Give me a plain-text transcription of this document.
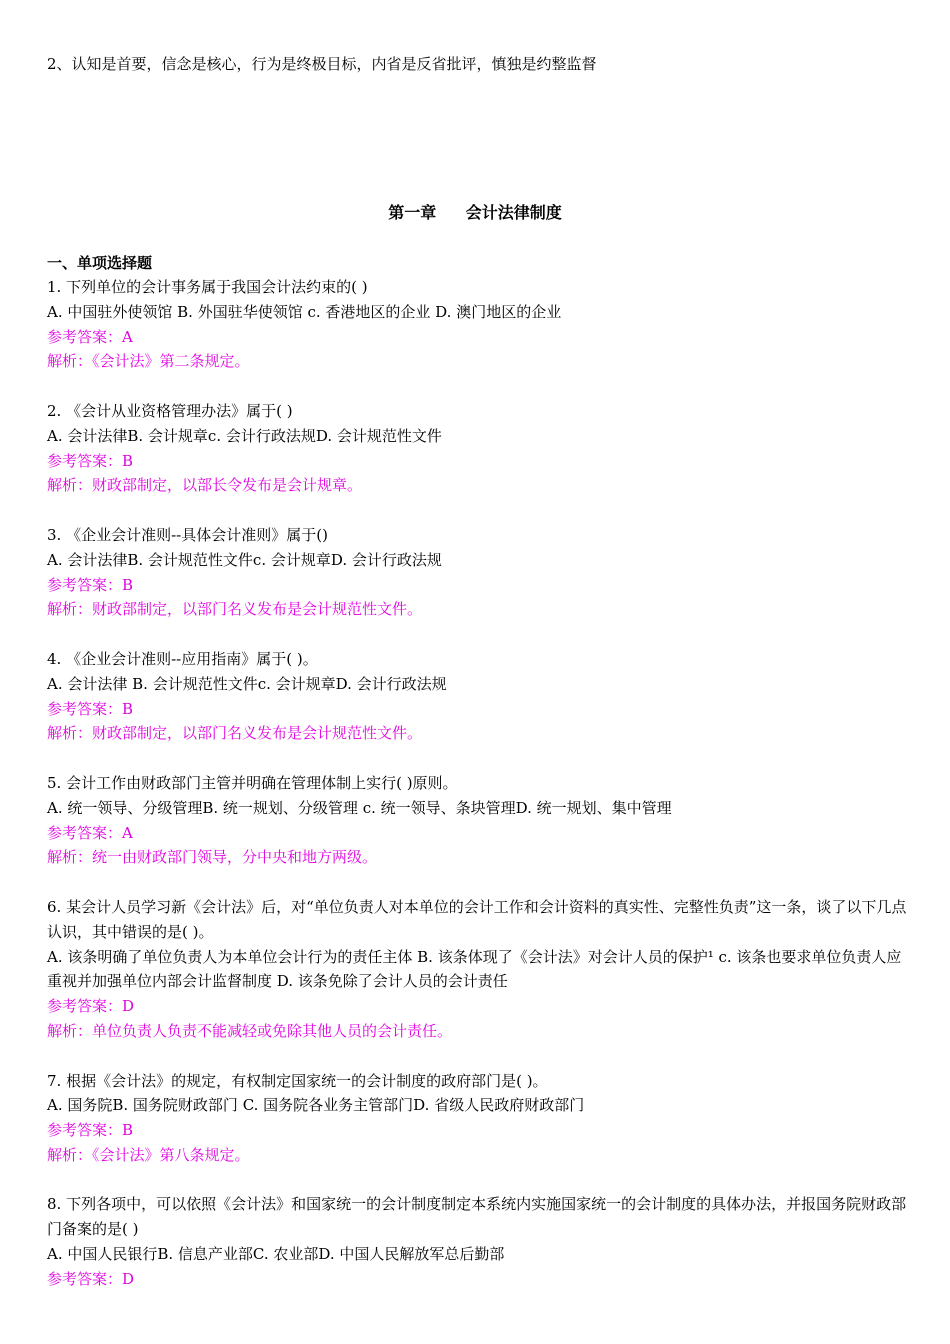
2、认知是首要，信念是核心，行为是终极目标，内省是反省批评，慎独是约整监督
第一章 会计法律制度
一、单项选择题
1. 下列单位的会计事务属于我国会计法约束的( )
A. 中国驻外使领馆 B. 外国驻华使领馆 c. 香港地区的企业 D. 澳门地区的企业
参考答案：A
解析：《会计法》第二条规定。
2. 《会计从业资格管理办法》属于( )
A. 会计法律B. 会计规章c. 会计行政法规D. 会计规范性文件
参考答案：B
解析：财政部制定，以部长令发布是会计规章。
3. 《企业会计准则--具体会计准则》属于()
A. 会计法律B. 会计规范性文件c. 会计规章D. 会计行政法规
参考答案：B
解析：财政部制定，以部门名义发布是会计规范性文件。
4. 《企业会计准则--应用指南》属于( )。
A. 会计法律 B. 会计规范性文件c. 会计规章D. 会计行政法规
参考答案：B
解析：财政部制定，以部门名义发布是会计规范性文件。
5. 会计工作由财政部门主管并明确在管理体制上实行( )原则。
A. 统一领导、分级管理B. 统一规划、分级管理 c. 统一领导、条块管理D. 统一规划、集中管理
参考答案：A
解析：统一由财政部门领导，分中央和地方两级。
6. 某会计人员学习新《会计法》后，对“单位负责人对本单位的会计工作和会计资料的真实性、完整性负责”这一条，谈了以下几点认识，其中错误的是( )。
A. 该条明确了单位负责人为本单位会计行为的责任主体 B. 该条体现了《会计法》对会计人员的保护¹ c. 该条也要求单位负责人应重视并加强单位内部会计监督制度 D. 该条免除了会计人员的会计责任
参考答案：D
解析：单位负责人负责不能减轻或免除其他人员的会计责任。
7. 根据《会计法》的规定，有权制定国家统一的会计制度的政府部门是( )。
A. 国务院B. 国务院财政部门 C. 国务院各业务主管部门D. 省级人民政府财政部门
参考答案：B
解析：《会计法》第八条规定。
8. 下列各项中，可以依照《会计法》和国家统一的会计制度制定本系统内实施国家统一的会计制度的具体办法，并报国务院财政部门备案的是( )
A. 中国人民银行B. 信息产业部C. 农业部D. 中国人民解放军总后勤部
参考答案：D
